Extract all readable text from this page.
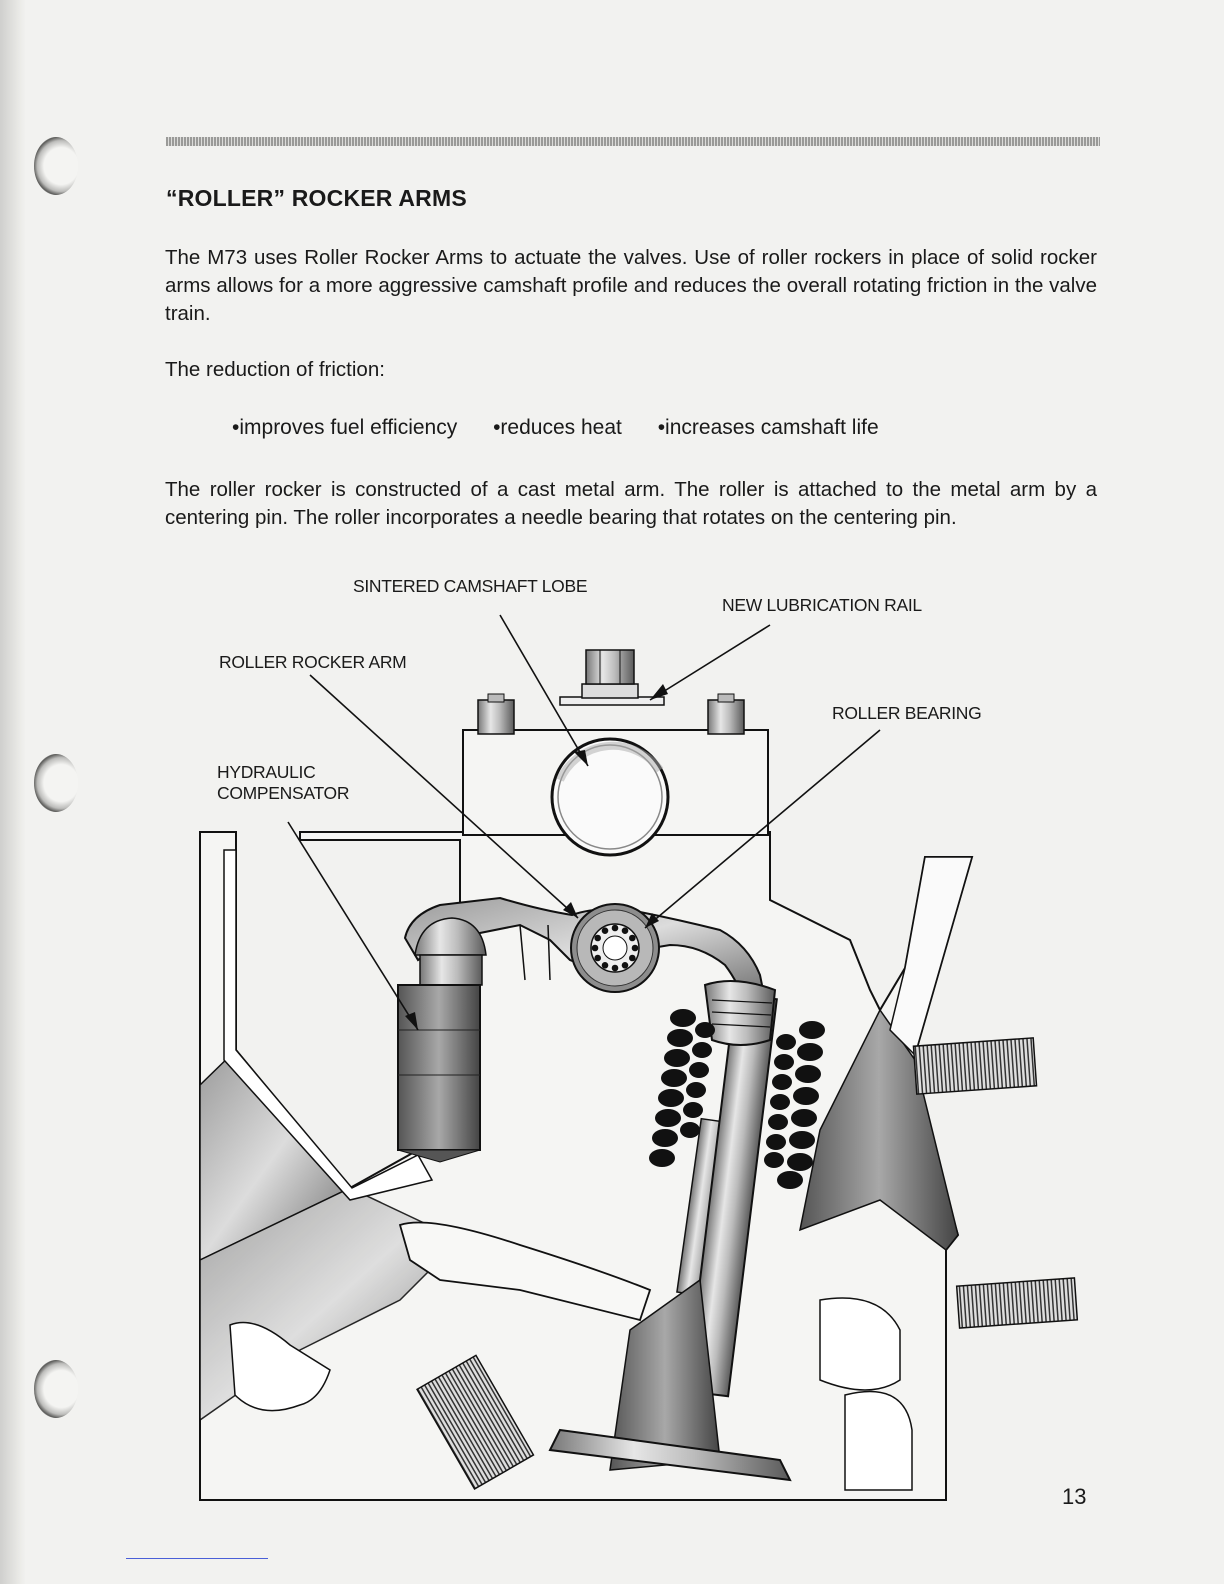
“ROLLER” ROCKER ARMS
The M73 uses Roller Rocker Arms to actuate the valves. Use of roller rockers in place of solid rocker arms allows for a more aggressive camshaft profile and reduces the overall rotating friction in the valve train.
The reduction of friction:
•improves fuel efficiency •reduces heat •increases camshaft life
The roller rocker is constructed of a cast metal arm. The roller is attached to the metal arm by a centering pin. The roller incorporates a needle bearing that rotates on the centering pin.
SINTERED CAMSHAFT LOBE
NEW LUBRICATION RAIL
ROLLER ROCKER ARM
ROLLER BEARING
HYDRAULIC
COMPENSATOR
13
